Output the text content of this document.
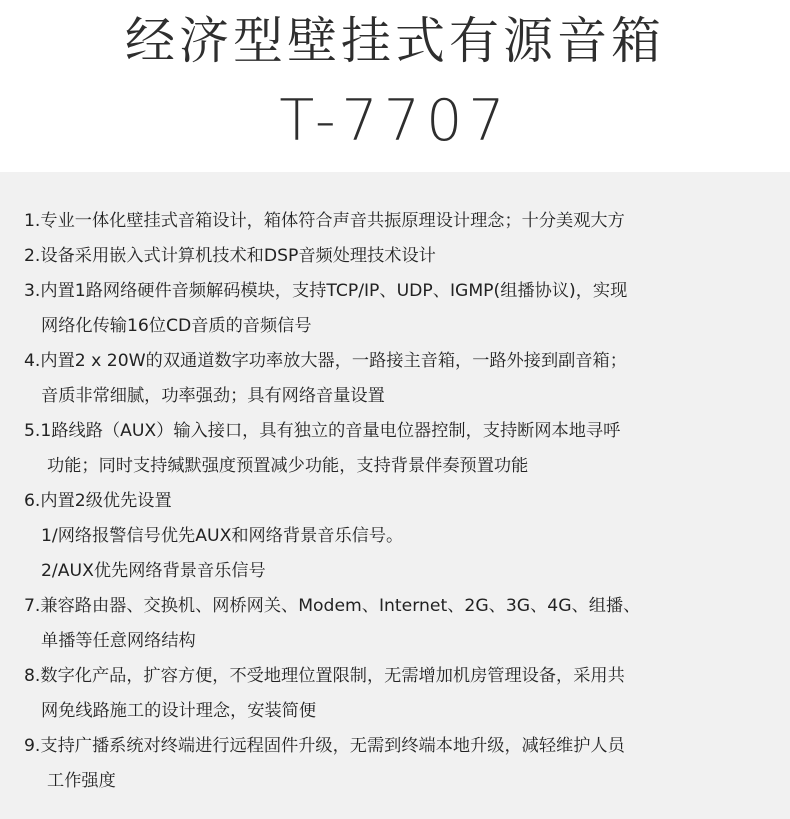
经济型壁挂式有源音箱
T-7707
1.专业一体化壁挂式音箱设计，箱体符合声音共振原理设计理念；十分美观大方
2.设备采用嵌入式计算机技术和DSP音频处理技术设计
3.内置1路网络硬件音频解码模块，支持TCP/IP、UDP、IGMP(组播协议)，实现
网络化传输16位CD音质的音频信号
4.内置2 x 20W的双通道数字功率放大器，一路接主音箱，一路外接到副音箱；
音质非常细腻，功率强劲；具有网络音量设置
5.1路线路（AUX）输入接口，具有独立的音量电位器控制，支持断网本地寻呼
功能；同时支持缄默强度预置减少功能，支持背景伴奏预置功能
6.内置2级优先设置
1/网络报警信号优先AUX和网络背景音乐信号。
2/AUX优先网络背景音乐信号
7.兼容路由器、交换机、网桥网关、Modem、Internet、2G、3G、4G、组播、
单播等任意网络结构
8.数字化产品，扩容方便，不受地理位置限制，无需增加机房管理设备，采用共
网免线路施工的设计理念，安装简便
9.支持广播系统对终端进行远程固件升级，无需到终端本地升级，减轻维护人员
工作强度
